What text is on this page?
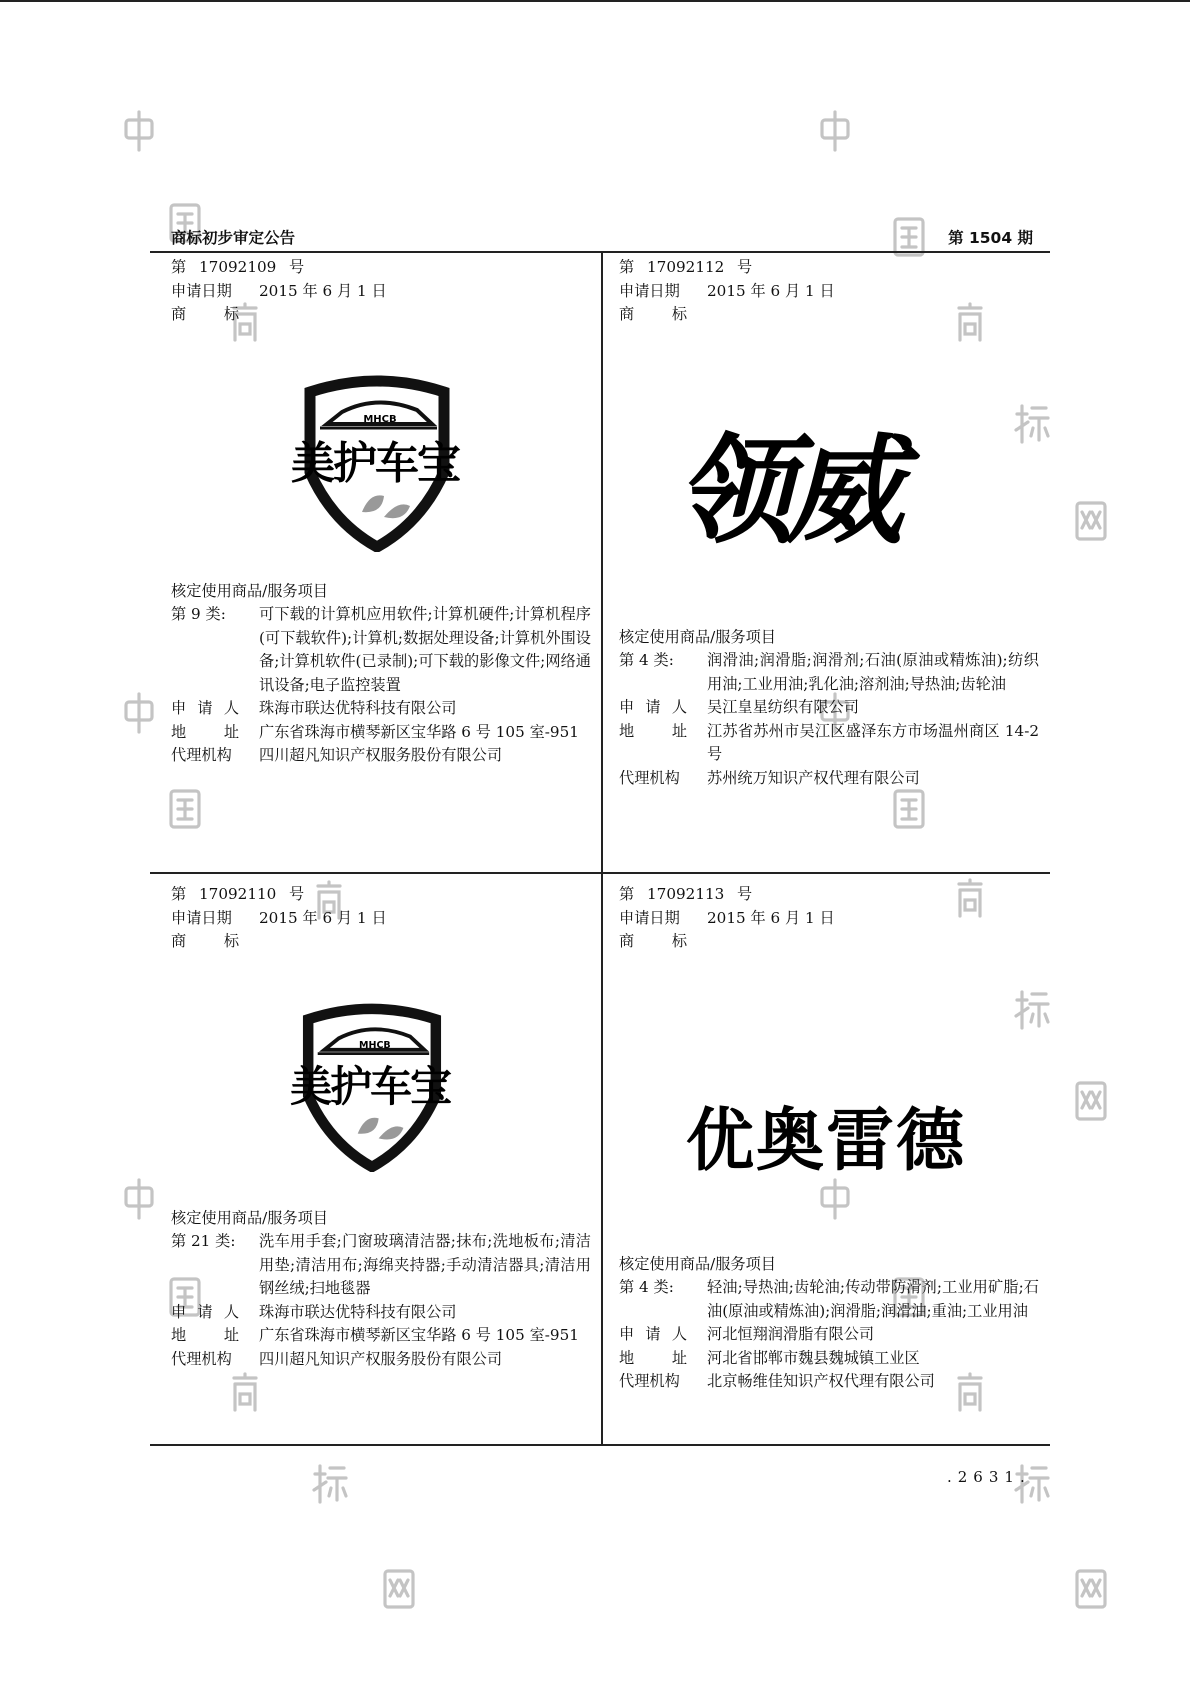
商标初步审定公告	第 1504 期
第 17092109 号
申请日期 2015 年 6 月 1 日
商 标
核定使用商品/服务项目
第 9 类: 可下载的计算机应用软件;计算机硬件;计算机程序(可下载软件);计算机;数据处理设备;计算机外围设备;计算机软件(已录制);可下载的影像文件;网络通讯设备;电子监控装置
申 请 人 珠海市联达优特科技有限公司
地 址 广东省珠海市横琴新区宝华路 6 号 105 室-951
代理机构 四川超凡知识产权服务股份有限公司
第 17092112 号
申请日期 2015 年 6 月 1 日
商 标
核定使用商品/服务项目
第 4 类: 润滑油;润滑脂;润滑剂;石油(原油或精炼油);纺织用油;工业用油;乳化油;溶剂油;导热油;齿轮油
申 请 人 吴江皇星纺织有限公司
地 址 江苏省苏州市吴江区盛泽东方市场温州商区 14-2 号
代理机构 苏州统万知识产权代理有限公司
第 17092110 号
申请日期 2015 年 6 月 1 日
商 标
核定使用商品/服务项目
第 21 类: 洗车用手套;门窗玻璃清洁器;抹布;洗地板布;清洁用垫;清洁用布;海绵夹持器;手动清洁器具;清洁用钢丝绒;扫地毯器
申 请 人 珠海市联达优特科技有限公司
地 址 广东省珠海市横琴新区宝华路 6 号 105 室-951
代理机构 四川超凡知识产权服务股份有限公司
第 17092113 号
申请日期 2015 年 6 月 1 日
商 标
核定使用商品/服务项目
第 4 类: 轻油;导热油;齿轮油;传动带防滑剂;工业用矿脂;石油(原油或精炼油);润滑脂;润滑油;重油;工业用油
申 请 人 河北恒翔润滑脂有限公司
地 址 河北省邯郸市魏县魏城镇工业区
代理机构 北京畅维佳知识产权代理有限公司
MHCB
美护车宝 领威
MHCB
美护车宝
优奥雷德
.2631.
